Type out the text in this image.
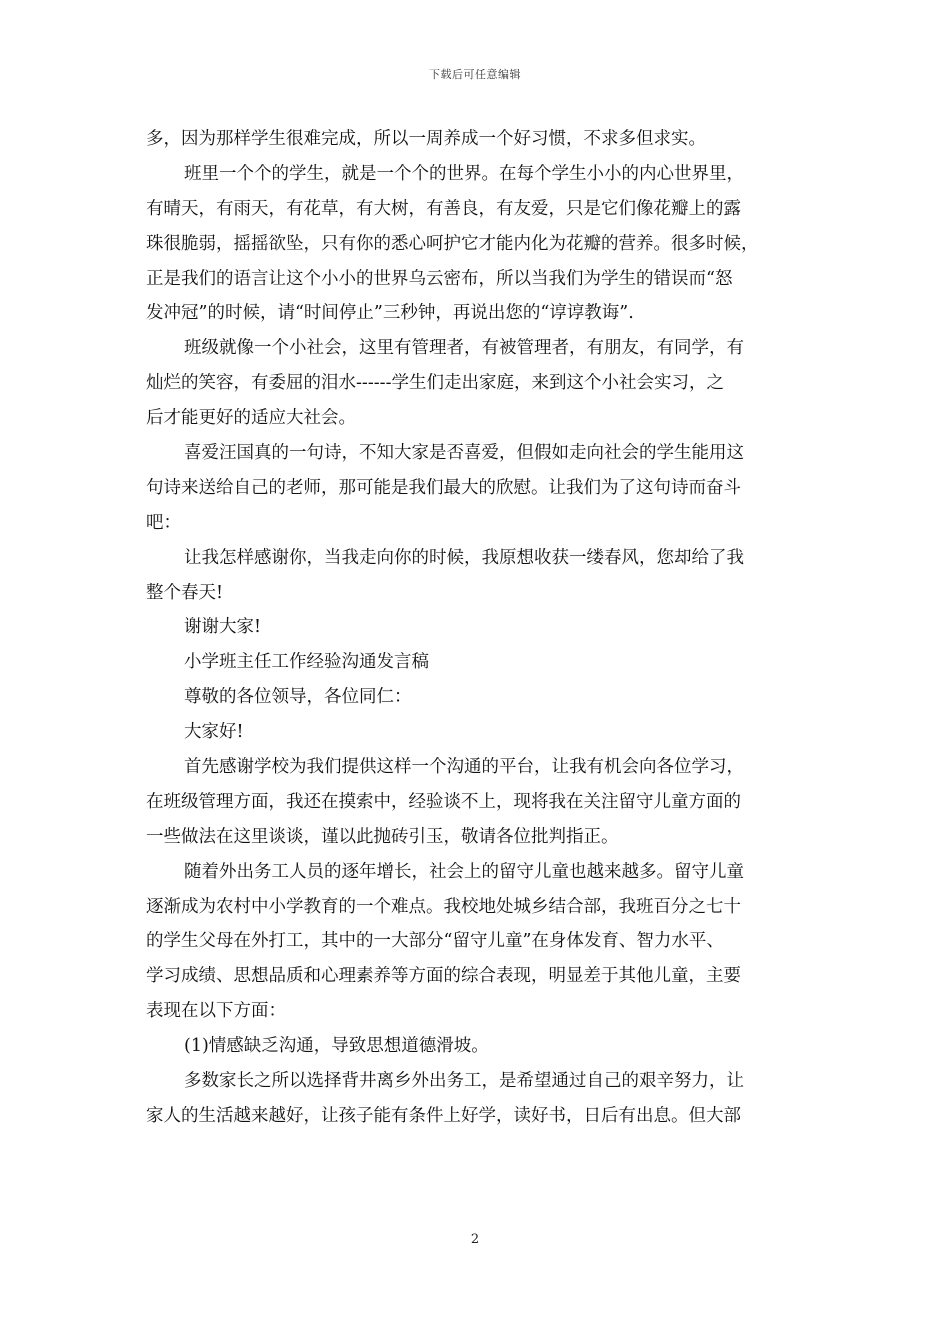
下载后可任意编辑
多，因为那样学生很难完成，所以一周养成一个好习惯，不求多但求实。
班里一个个的学生，就是一个个的世界。在每个学生小小的内心世界里，
有晴天，有雨天，有花草，有大树，有善良，有友爱，只是它们像花瓣上的露
珠很脆弱，摇摇欲坠，只有你的悉心呵护它才能内化为花瓣的营养。很多时候，
正是我们的语言让这个小小的世界乌云密布，所以当我们为学生的错误而“怒
发冲冠”的时候，请“时间停止”三秒钟，再说出您的“谆谆教诲”.
班级就像一个小社会，这里有管理者，有被管理者，有朋友，有同学，有
灿烂的笑容，有委屈的泪水------学生们走出家庭，来到这个小社会实习，之
后才能更好的适应大社会。
喜爱汪国真的一句诗，不知大家是否喜爱，但假如走向社会的学生能用这
句诗来送给自己的老师，那可能是我们最大的欣慰。让我们为了这句诗而奋斗
吧：
让我怎样感谢你，当我走向你的时候，我原想收获一缕春风，您却给了我
整个春天!
谢谢大家!
小学班主任工作经验沟通发言稿
尊敬的各位领导，各位同仁：
大家好!
首先感谢学校为我们提供这样一个沟通的平台，让我有机会向各位学习，
在班级管理方面，我还在摸索中，经验谈不上，现将我在关注留守儿童方面的
一些做法在这里谈谈，谨以此抛砖引玉，敬请各位批判指正。
随着外出务工人员的逐年增长，社会上的留守儿童也越来越多。留守儿童
逐渐成为农村中小学教育的一个难点。我校地处城乡结合部，我班百分之七十
的学生父母在外打工，其中的一大部分“留守儿童”在身体发育、智力水平、
学习成绩、思想品质和心理素养等方面的综合表现，明显差于其他儿童，主要
表现在以下方面：
(1)情感缺乏沟通，导致思想道德滑坡。
多数家长之所以选择背井离乡外出务工，是希望通过自己的艰辛努力，让
家人的生活越来越好，让孩子能有条件上好学，读好书，日后有出息。但大部
2
